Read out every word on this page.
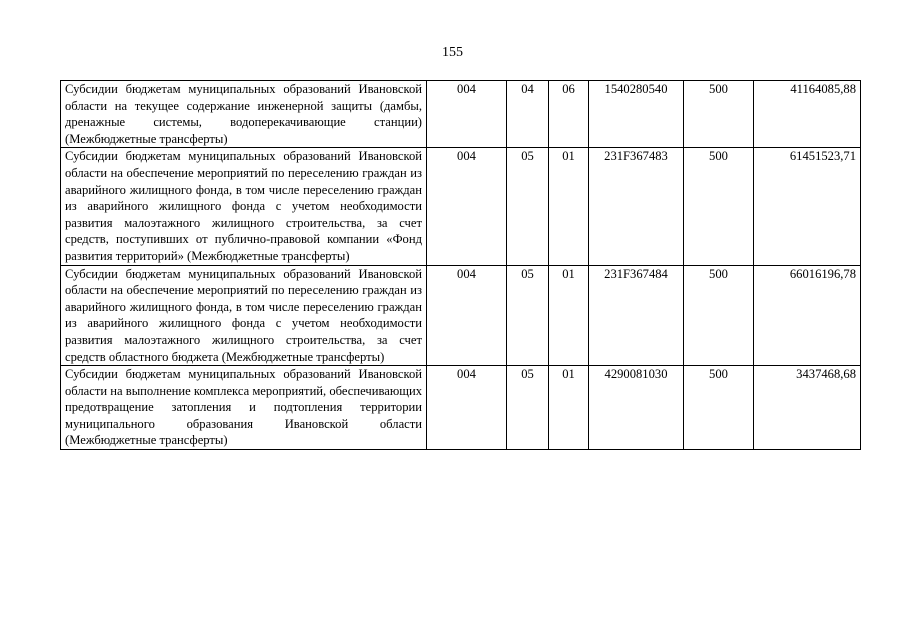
155
Субсидии бюджетам муниципальных образований Ивановской области на текущее содержание инженерной защиты (дамбы, дренажные системы, водоперекачивающие станции) (Межбюджетные трансферты)	004	04	06	1540280540	500	41164085,88
Субсидии бюджетам муниципальных образований Ивановской области на обеспечение мероприятий по переселению граждан из аварийного жилищного фонда, в том числе переселению граждан из аварийного жилищного фонда с учетом необходимости развития малоэтажного жилищного строительства, за счет средств, поступивших от публично-правовой компании «Фонд развития территорий» (Межбюджетные трансферты)	004	05	01	231F367483	500	61451523,71
Субсидии бюджетам муниципальных образований Ивановской области на обеспечение мероприятий по переселению граждан из аварийного жилищного фонда, в том числе переселению граждан из аварийного жилищного фонда с учетом необходимости развития малоэтажного жилищного строительства, за счет средств областного бюджета (Межбюджетные трансферты)	004	05	01	231F367484	500	66016196,78
Субсидии бюджетам муниципальных образований Ивановской области на выполнение комплекса мероприятий, обеспечивающих предотвращение затопления и подтопления территории муниципального образования Ивановской области (Межбюджетные трансферты)	004	05	01	4290081030	500	3437468,68
